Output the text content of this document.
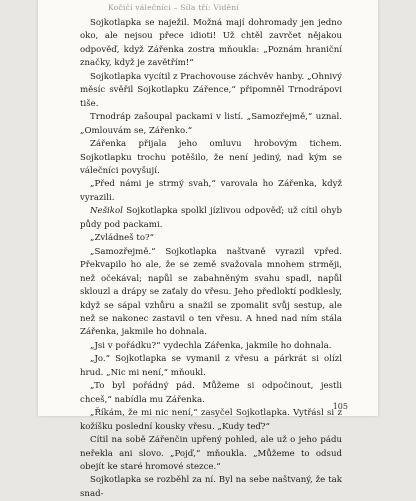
Kočičí válečníci – Síla tří: Vidění

Sojkotlapka se naježil. Možná mají dohromady jen jedno oko, ale nejsou přece idioti! Už chtěl zavrčet nějakou odpověď, když Zářenka zostra mňoukla: „Poznám hraniční značky, když je zavětřím!“

Sojkotlapka vycítil z Prachovouse záchvěv hanby. „Ohnivý měsíc svěřil Sojkotlapku Zářence,“ připomněl Trnodrápovi tiše.

Trnodráp zašoupal packami v listí. „Samozřejmě,“ uznal. „Omlouvám se, Zářenko.“

Zářenka přijala jeho omluvu hrobovým tichem. Sojkotlapku trochu potěšilo, že není jediný, nad kým se válečníci povyšují.

„Před námi je strmý svah,“ varovala ho Zářenka, když vyrazili.

Nešikol Sojkotlapka spolkl jízlivou odpověď; už cítil ohyb půdy pod packami.

„Zvládneš to?“

„Samozřejmě.“ Sojkotlapka naštvaně vyrazil vpřed. Překvapilo ho ale, že se země svažovala mnohem strměji, než očekával; napůl se zabahněným svahu spadl, napůl sklouzl a drápy se zaťaly do vřesu. Jeho předloktí podklesly, když se sápal vzhůru a snažil se zpomalit svůj sestup, ale než se nakonec zastavil o ten vřesu. A hned nad ním stála Zářenka, jakmile ho dohnala.

„Jsi v pořádku?“ vydechla Zářenka, jakmile ho dohnala.

„Jo.“ Sojkotlapka se vymanil z vřesu a párkrát si olízl hrud. „Nic mi není,“ mňoukl.

„To byl pořádný pád. Můžeme si odpočinout, jestli chceš,“ nabídla mu Zářenka.

„Říkám, že mi nic není,“ zasyčel Sojkotlapka. Vytřásl si z kožíšku poslední kousky vřesu. „Kudy teď?“

Cítil na sobě Zářenčin upřený pohled, ale už o jeho pádu neřekla ani slovo. „Pojď,“ mňoukla. „Můžeme to odsud obejít ke staré hromové stezce.“

Sojkotlapka se rozběhl za ní. Byl na sebe naštvaný, že tak snad-

105
